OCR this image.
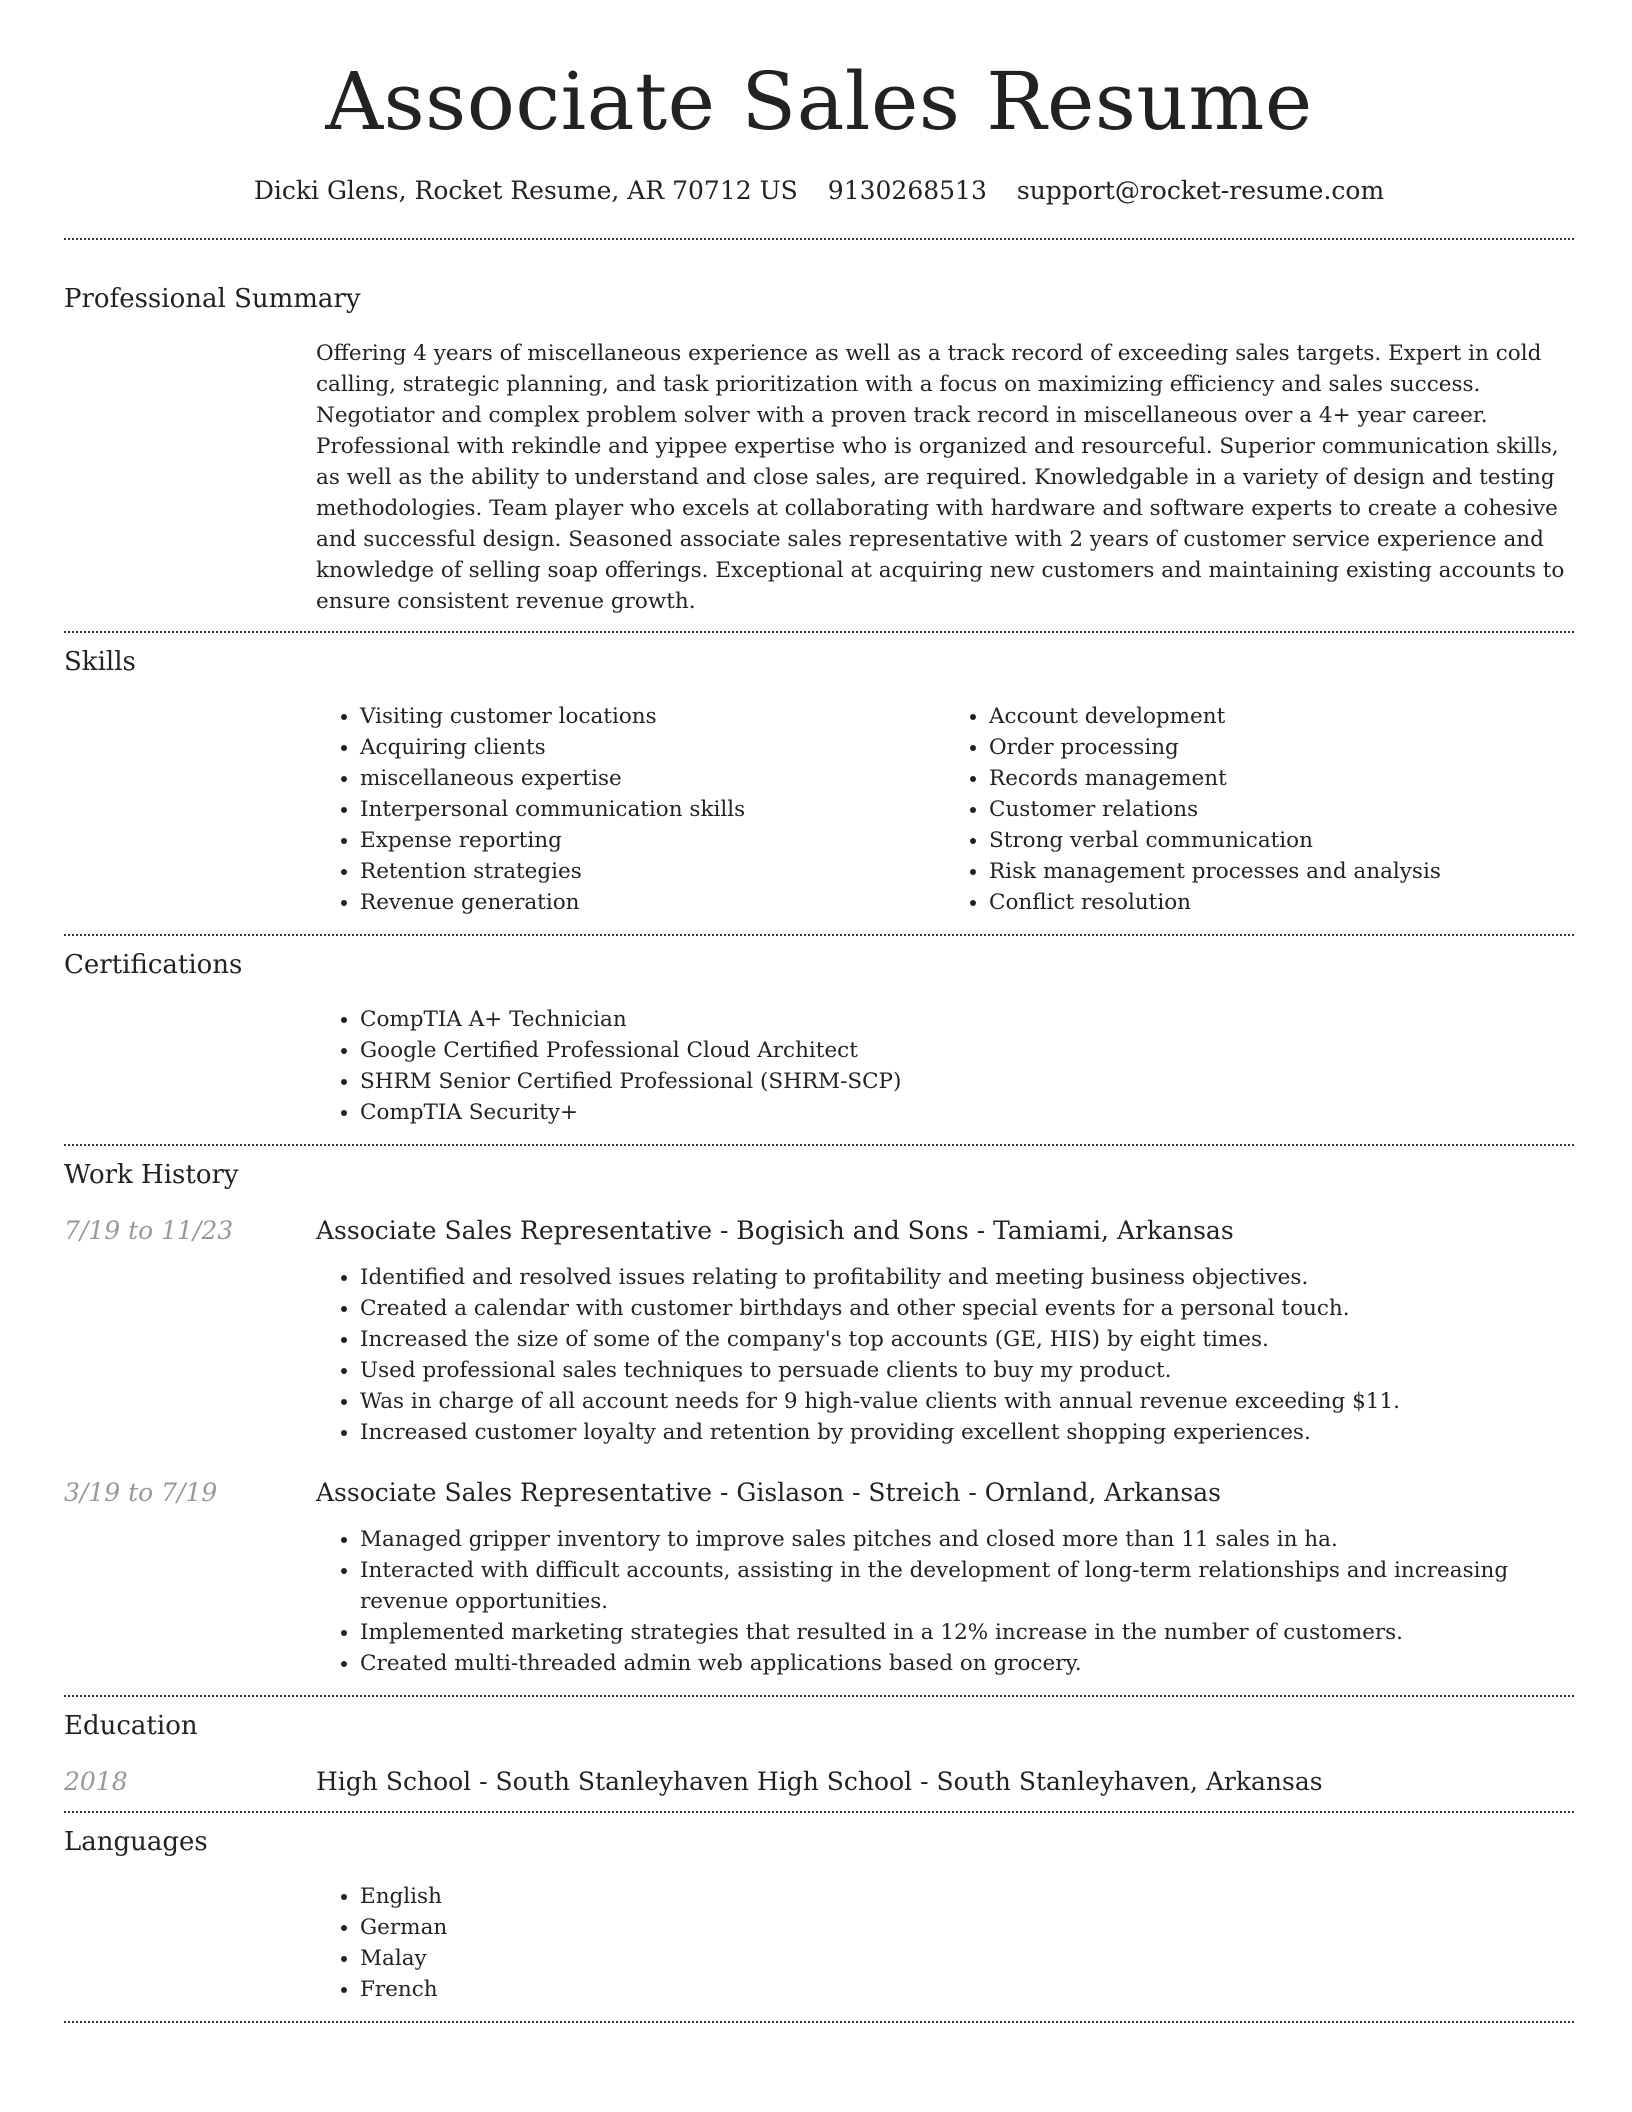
Associate Sales Resume
Dicki Glens, Rocket Resume, AR 70712 US 9130268513 support@rocket-resume.com
Professional Summary
Offering 4 years of miscellaneous experience as well as a track record of exceeding sales targets. Expert in cold calling, strategic planning, and task prioritization with a focus on maximizing efficiency and sales success. Negotiator and complex problem solver with a proven track record in miscellaneous over a 4+ year career. Professional with rekindle and yippee expertise who is organized and resourceful. Superior communication skills, as well as the ability to understand and close sales, are required. Knowledgable in a variety of design and testing methodologies. Team player who excels at collaborating with hardware and software experts to create a cohesive and successful design. Seasoned associate sales representative with 2 years of customer service experience and knowledge of selling soap offerings. Exceptional at acquiring new customers and maintaining existing accounts to ensure consistent revenue growth.
Skills
• Visiting customer locations
• Acquiring clients
• miscellaneous expertise
• Interpersonal communication skills
• Expense reporting
• Retention strategies
• Revenue generation
• Account development
• Order processing
• Records management
• Customer relations
• Strong verbal communication
• Risk management processes and analysis
• Conflict resolution
Certifications
• CompTIA A+ Technician
• Google Certified Professional Cloud Architect
• SHRM Senior Certified Professional (SHRM-SCP)
• CompTIA Security+
Work History
7/19 to 11/23	Associate Sales Representative - Bogisich and Sons - Tamiami, Arkansas
• Identified and resolved issues relating to profitability and meeting business objectives.
• Created a calendar with customer birthdays and other special events for a personal touch.
• Increased the size of some of the company's top accounts (GE, HIS) by eight times.
• Used professional sales techniques to persuade clients to buy my product.
• Was in charge of all account needs for 9 high-value clients with annual revenue exceeding $11.
• Increased customer loyalty and retention by providing excellent shopping experiences.
3/19 to 7/19	Associate Sales Representative - Gislason - Streich - Ornland, Arkansas
• Managed gripper inventory to improve sales pitches and closed more than 11 sales in ha.
• Interacted with difficult accounts, assisting in the development of long-term relationships and increasing revenue opportunities.
• Implemented marketing strategies that resulted in a 12% increase in the number of customers.
• Created multi-threaded admin web applications based on grocery.
Education
2018	High School - South Stanleyhaven High School - South Stanleyhaven, Arkansas
Languages
• English
• German
• Malay
• French
